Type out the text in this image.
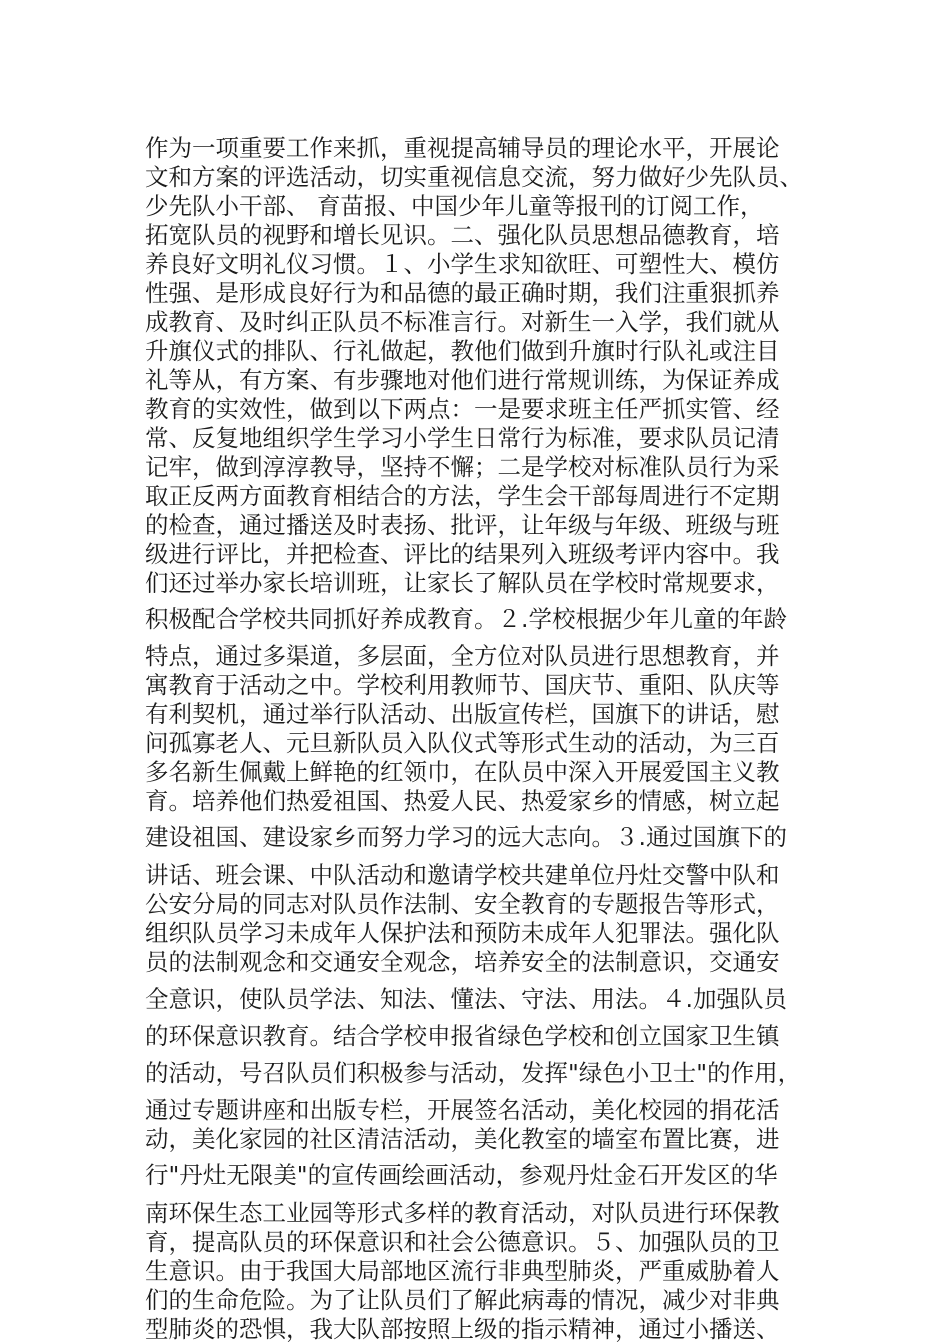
作为一项重要工作来抓，重视提高辅导员的理论水平，开展论
文和方案的评选活动，切实重视信息交流，努力做好少先队员、
少先队小干部、 育苗报、中国少年儿童等报刊的订阅工作，
拓宽队员的视野和增长见识。二、强化队员思想品德教育，培
养良好文明礼仪习惯。１、小学生求知欲旺、可塑性大、模仿
性强、是形成良好行为和品德的最正确时期，我们注重狠抓养
成教育、及时纠正队员不标准言行。对新生一入学，我们就从
升旗仪式的排队、行礼做起，教他们做到升旗时行队礼或注目
礼等从，有方案、有步骤地对他们进行常规训练，为保证养成
教育的实效性，做到以下两点：一是要求班主任严抓实管、经
常、反复地组织学生学习小学生日常行为标准，要求队员记清
记牢，做到淳淳教导，坚持不懈；二是学校对标准队员行为采
取正反两方面教育相结合的方法，学生会干部每周进行不定期
的检查，通过播送及时表扬、批评，让年级与年级、班级与班
级进行评比，并把检查、评比的结果列入班级考评内容中。我
们还过举办家长培训班，让家长了解队员在学校时常规要求，
积极配合学校共同抓好养成教育。２.学校根据少年儿童的年龄
特点，通过多渠道，多层面，全方位对队员进行思想教育，并
寓教育于活动之中。学校利用教师节、国庆节、重阳、队庆等
有利契机，通过举行队活动、出版宣传栏，国旗下的讲话，慰
问孤寡老人、元旦新队员入队仪式等形式生动的活动，为三百
多名新生佩戴上鲜艳的红领巾，在队员中深入开展爱国主义教
育。培养他们热爱祖国、热爱人民、热爱家乡的情感，树立起
建设祖国、建设家乡而努力学习的远大志向。３.通过国旗下的
讲话、班会课、中队活动和邀请学校共建单位丹灶交警中队和
公安分局的同志对队员作法制、安全教育的专题报告等形式，
组织队员学习未成年人保护法和预防未成年人犯罪法。强化队
员的法制观念和交通安全观念，培养安全的法制意识，交通安
全意识，使队员学法、知法、懂法、守法、用法。４.加强队员
的环保意识教育。结合学校申报省绿色学校和创立国家卫生镇
的活动，号召队员们积极参与活动，发挥"绿色小卫士"的作用，
通过专题讲座和出版专栏，开展签名活动，美化校园的捐花活
动，美化家园的社区清洁活动，美化教室的墙室布置比赛，进
行"丹灶无限美"的宣传画绘画活动，参观丹灶金石开发区的华
南环保生态工业园等形式多样的教育活动，对队员进行环保教
育，提高队员的环保意识和社会公德意识。５、加强队员的卫
生意识。由于我国大局部地区流行非典型肺炎，严重威胁着人
们的生命危险。为了让队员们了解此病毒的情况，减少对非典
型肺炎的恐惧，我大队部按照上级的指示精神，通过小播送、
